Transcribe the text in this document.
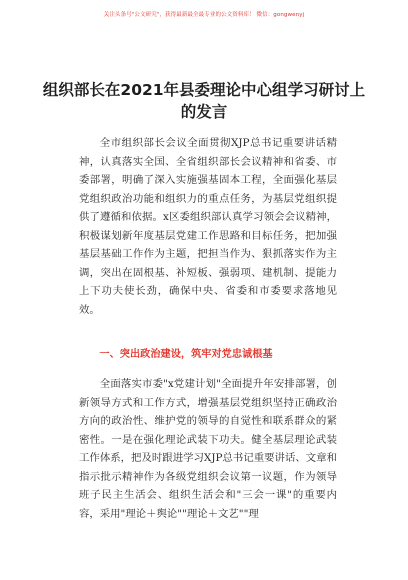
关注头条号"公文研究"，获得最新最全最专业的公文资料库！ 微信：gongwenyj
组织部长在2021年县委理论中心组学习研讨上的发言

全市组织部长会议全面贯彻XJP总书记重要讲话精神，认真落实全国、全省组织部长会议精神和省委、市委部署，明确了深入实施强基固本工程，全面强化基层党组织政治功能和组织力的重点任务，为基层党组织提供了遵循和依据。x区委组织部认真学习领会会议精神，积极谋划新年度基层党建工作思路和目标任务，把加强基层基础工作作为主题，把担当作为、狠抓落实作为主调，突出在固根基、补短板、强弱项、建机制、提能力上下功夫使长劲，确保中央、省委和市委要求落地见效。

一、突出政治建设，筑牢对党忠诚根基

全面落实市委"x党建计划"全面提升年安排部署，创新领导方式和工作方式，增强基层党组织坚持正确政治方向的政治性、维护党的领导的自觉性和联系群众的紧密性。一是在强化理论武装下功夫。健全基层理论武装工作体系，把及时跟进学习XJP总书记重要讲话、文章和指示批示精神作为各级党组织会议第一议题，作为领导班子民主生活会、组织生活会和"三会一课"的重要内容，采用"理论＋舆论""理论＋文艺""理
